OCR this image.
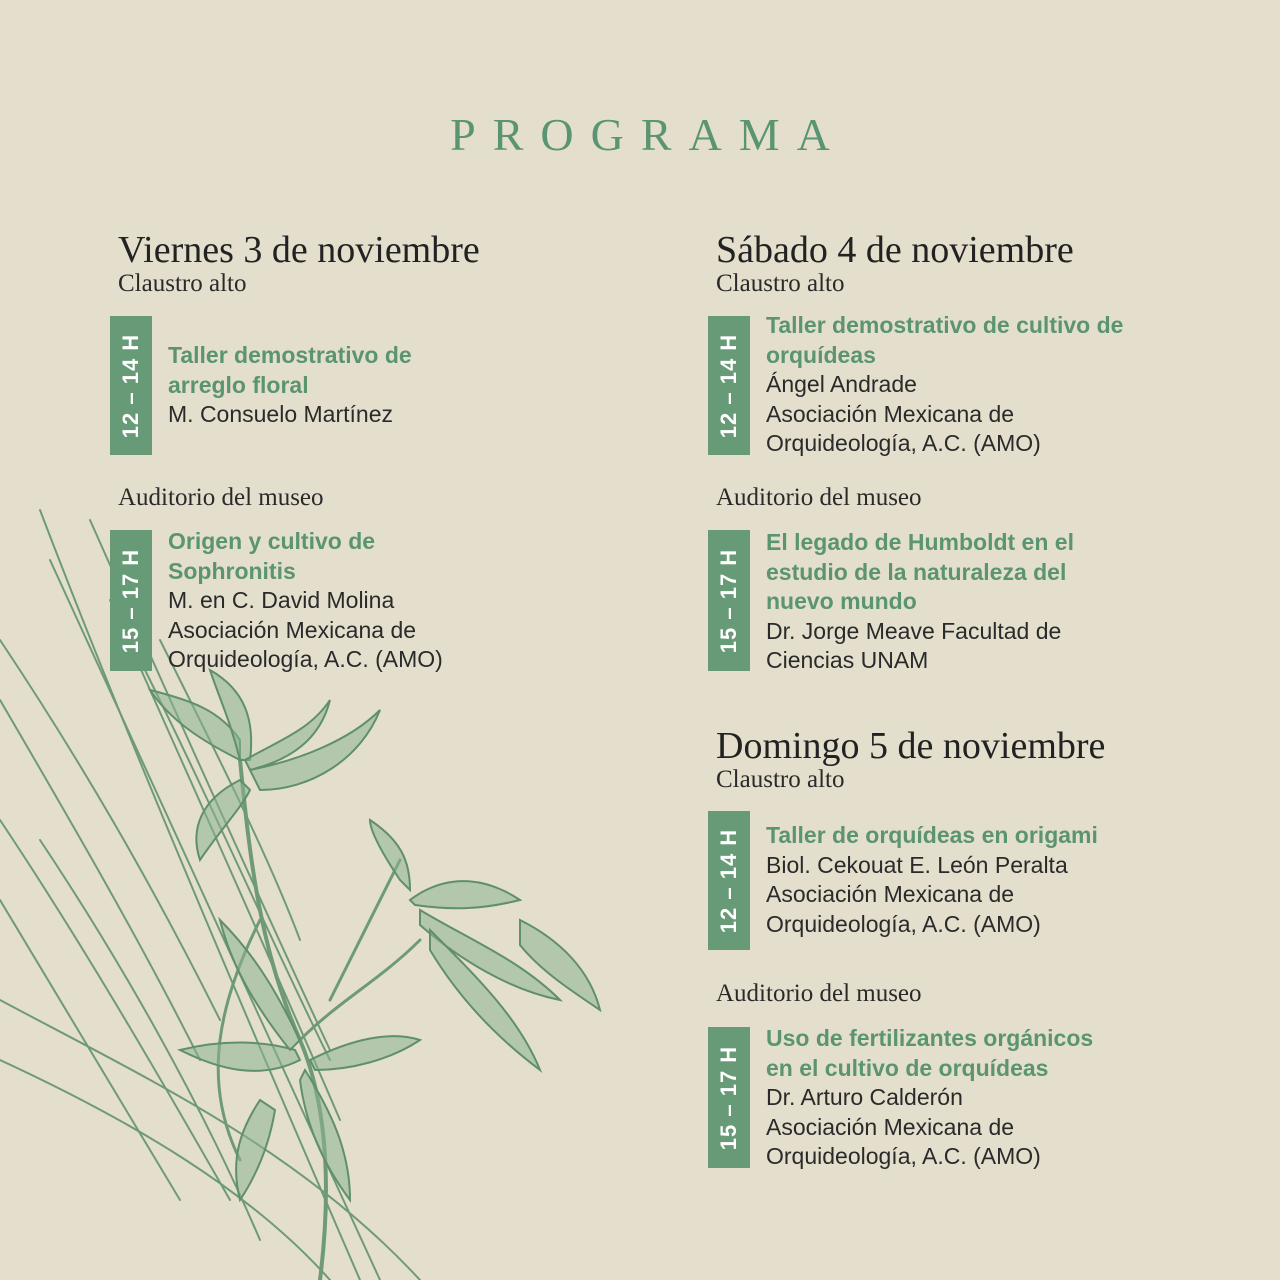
PROGRAMA
Viernes 3 de noviembre
Claustro alto
12 – 14 H Taller demostrativo de
arreglo floral
M. Consuelo Martínez
Auditorio del museo
15 – 17 H
Origen y cultivo de
Sophronitis
M. en C. David Molina
Asociación Mexicana de
Orquideología, A.C. (AMO)
Sábado 4 de noviembre
Claustro alto
12 – 14 H
Taller demostrativo de cultivo de
orquídeas
Ángel Andrade
Asociación Mexicana de
Orquideología, A.C. (AMO)
Auditorio del museo
15 – 17 H
El legado de Humboldt en el
estudio de la naturaleza del
nuevo mundo
Dr. Jorge Meave Facultad de
Ciencias UNAM
Domingo 5 de noviembre
Claustro alto
12 – 14 H Taller de orquídeas en origami
Biol. Cekouat E. León Peralta
Asociación Mexicana de
Orquideología, A.C. (AMO)
Auditorio del museo
15 – 17 H
Uso de fertilizantes orgánicos
en el cultivo de orquídeas
Dr. Arturo Calderón
Asociación Mexicana de
Orquideología, A.C. (AMO)
